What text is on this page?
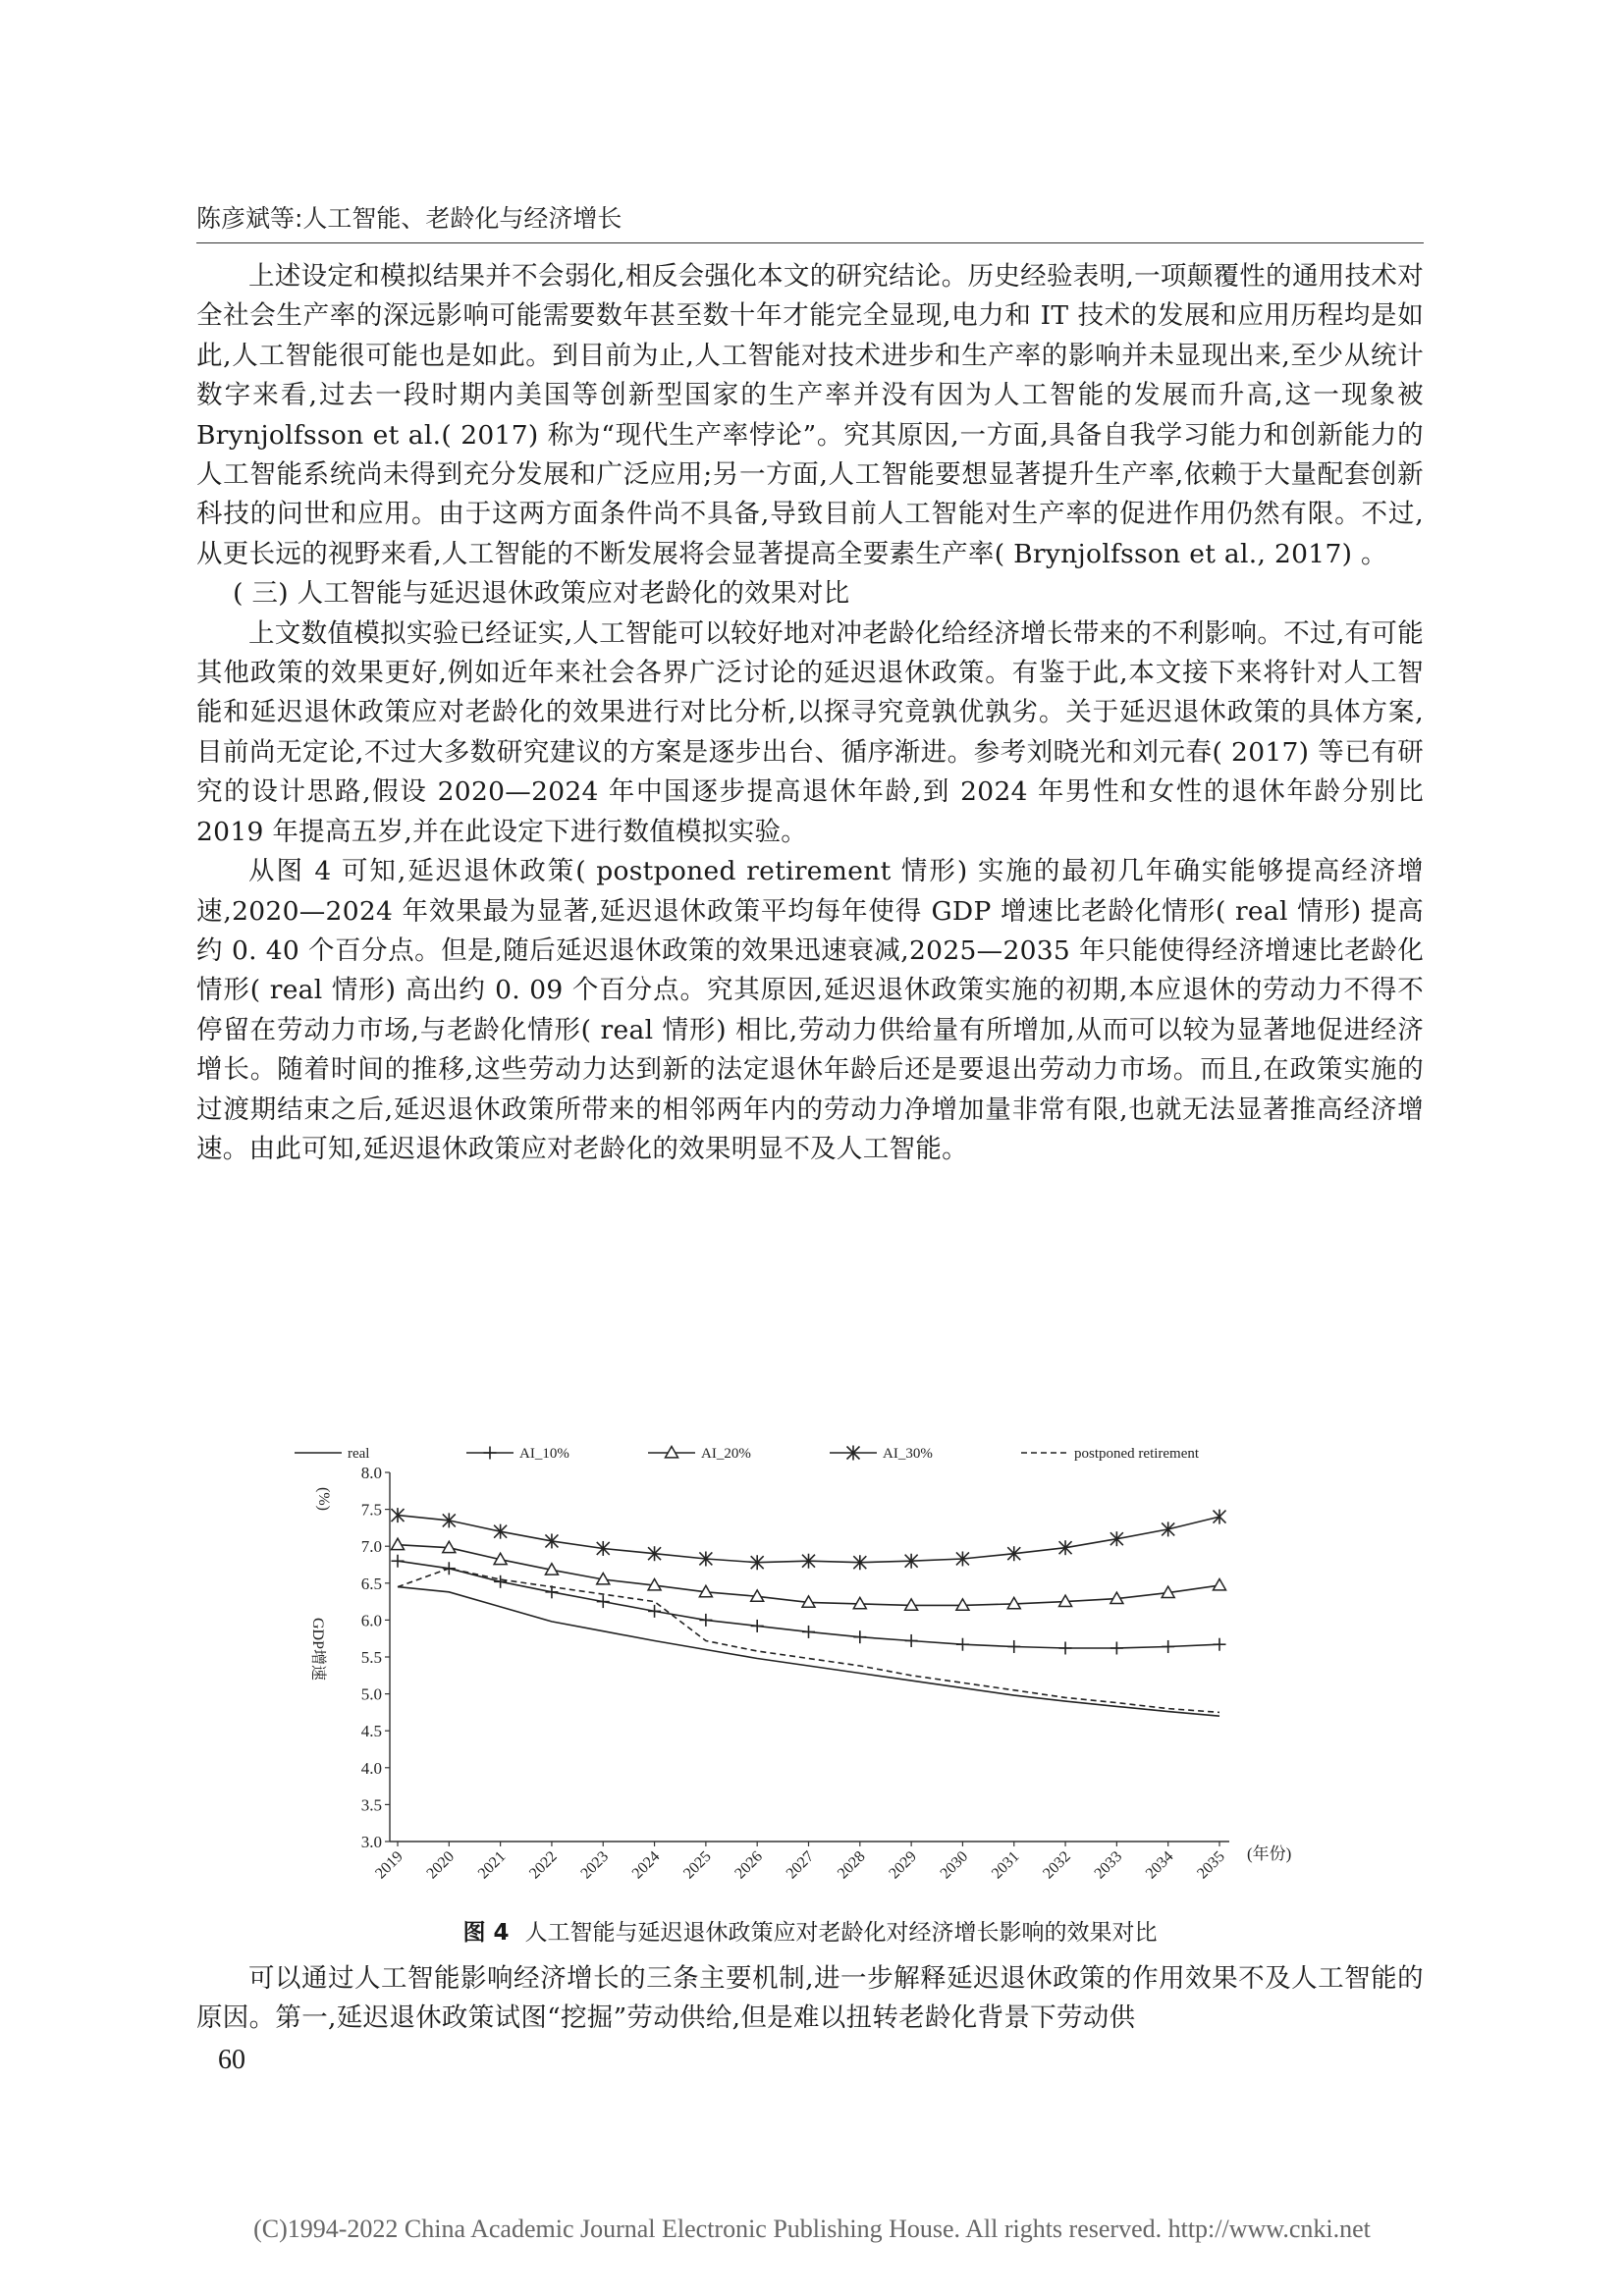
陈彦斌等:人工智能、老龄化与经济增长

上述设定和模拟结果并不会弱化,相反会强化本文的研究结论。历史经验表明,一项颠覆性的通用技术对全社会生产率的深远影响可能需要数年甚至数十年才能完全显现,电力和 IT 技术的发展和应用历程均是如此,人工智能很可能也是如此。到目前为止,人工智能对技术进步和生产率的影响并未显现出来,至少从统计数字来看,过去一段时期内美国等创新型国家的生产率并没有因为人工智能的发展而升高,这一现象被 Brynjolfsson et al.( 2017) 称为“现代生产率悖论”。究其原因,一方面,具备自我学习能力和创新能力的人工智能系统尚未得到充分发展和广泛应用;另一方面,人工智能要想显著提升生产率,依赖于大量配套创新科技的问世和应用。由于这两方面条件尚不具备,导致目前人工智能对生产率的促进作用仍然有限。不过,从更长远的视野来看,人工智能的不断发展将会显著提高全要素生产率( Brynjolfsson et al., 2017) 。

( 三) 人工智能与延迟退休政策应对老龄化的效果对比

上文数值模拟实验已经证实,人工智能可以较好地对冲老龄化给经济增长带来的不利影响。不过,有可能其他政策的效果更好,例如近年来社会各界广泛讨论的延迟退休政策。有鉴于此,本文接下来将针对人工智能和延迟退休政策应对老龄化的效果进行对比分析,以探寻究竟孰优孰劣。关于延迟退休政策的具体方案,目前尚无定论,不过大多数研究建议的方案是逐步出台、循序渐进。参考刘晓光和刘元春( 2017) 等已有研究的设计思路,假设 2020—2024 年中国逐步提高退休年龄,到 2024 年男性和女性的退休年龄分别比 2019 年提高五岁,并在此设定下进行数值模拟实验。

从图 4 可知,延迟退休政策( postponed retirement 情形) 实施的最初几年确实能够提高经济增速,2020—2024 年效果最为显著,延迟退休政策平均每年使得 GDP 增速比老龄化情形( real 情形) 提高约 0. 40 个百分点。但是,随后延迟退休政策的效果迅速衰减,2025—2035 年只能使得经济增速比老龄化情形( real 情形) 高出约 0. 09 个百分点。究其原因,延迟退休政策实施的初期,本应退休的劳动力不得不停留在劳动力市场,与老龄化情形( real 情形) 相比,劳动力供给量有所增加,从而可以较为显著地促进经济增长。随着时间的推移,这些劳动力达到新的法定退休年龄后还是要退出劳动力市场。而且,在政策实施的过渡期结束之后,延迟退休政策所带来的相邻两年内的劳动力净增加量非常有限,也就无法显著推高经济增速。由此可知,延迟退休政策应对老龄化的效果明显不及人工智能。

3.0
3.5
4.0
4.5
5.0
5.5
6.0
6.5
7.0
7.5
8.0
2019 2020 2021 2022 2023 2024 2025 2026 2027 2028 2029 2030 2031 2032 2033 2034 2035 (年份)
(%)
GDP增速
real	AI_10%	AI_20%	AI_30%	postponed retirement
图 4 人工智能与延迟退休政策应对老龄化对经济增长影响的效果对比

可以通过人工智能影响经济增长的三条主要机制,进一步解释延迟退休政策的作用效果不及人工智能的原因。第一,延迟退休政策试图“挖掘”劳动供给,但是难以扭转老龄化背景下劳动供

60
(C)1994-2022 China Academic Journal Electronic Publishing House. All rights reserved. http://www.cnki.net
